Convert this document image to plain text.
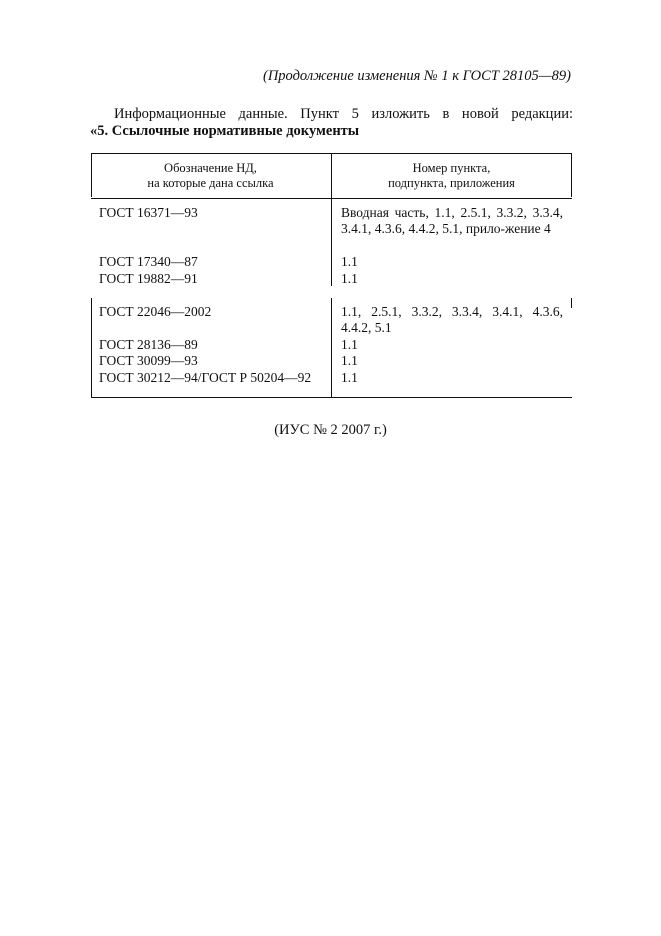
(Продолжение изменения № 1 к ГОСТ 28105—89)
Информационные данные. Пункт 5 изложить в новой редакции:
«5. Ссылочные нормативные документы
Обозначение НД,
на которые дана ссылка
Номер пункта,
подпункта, приложения
ГОСТ 16371—93	Вводная часть, 1.1, 2.5.1, 3.3.2, 3.3.4, 3.4.1, 4.3.6, 4.4.2, 5.1, прило-жение 4
ГОСТ 17340—87	1.1
ГОСТ 19882—91	1.1
ГОСТ 22046—2002	1.1, 2.5.1, 3.3.2, 3.3.4, 3.4.1, 4.3.6, 4.4.2, 5.1
ГОСТ 28136—89	1.1
ГОСТ 30099—93	1.1
ГОСТ 30212—94/ГОСТ Р 50204—92 1.1
(ИУС № 2 2007 г.)
